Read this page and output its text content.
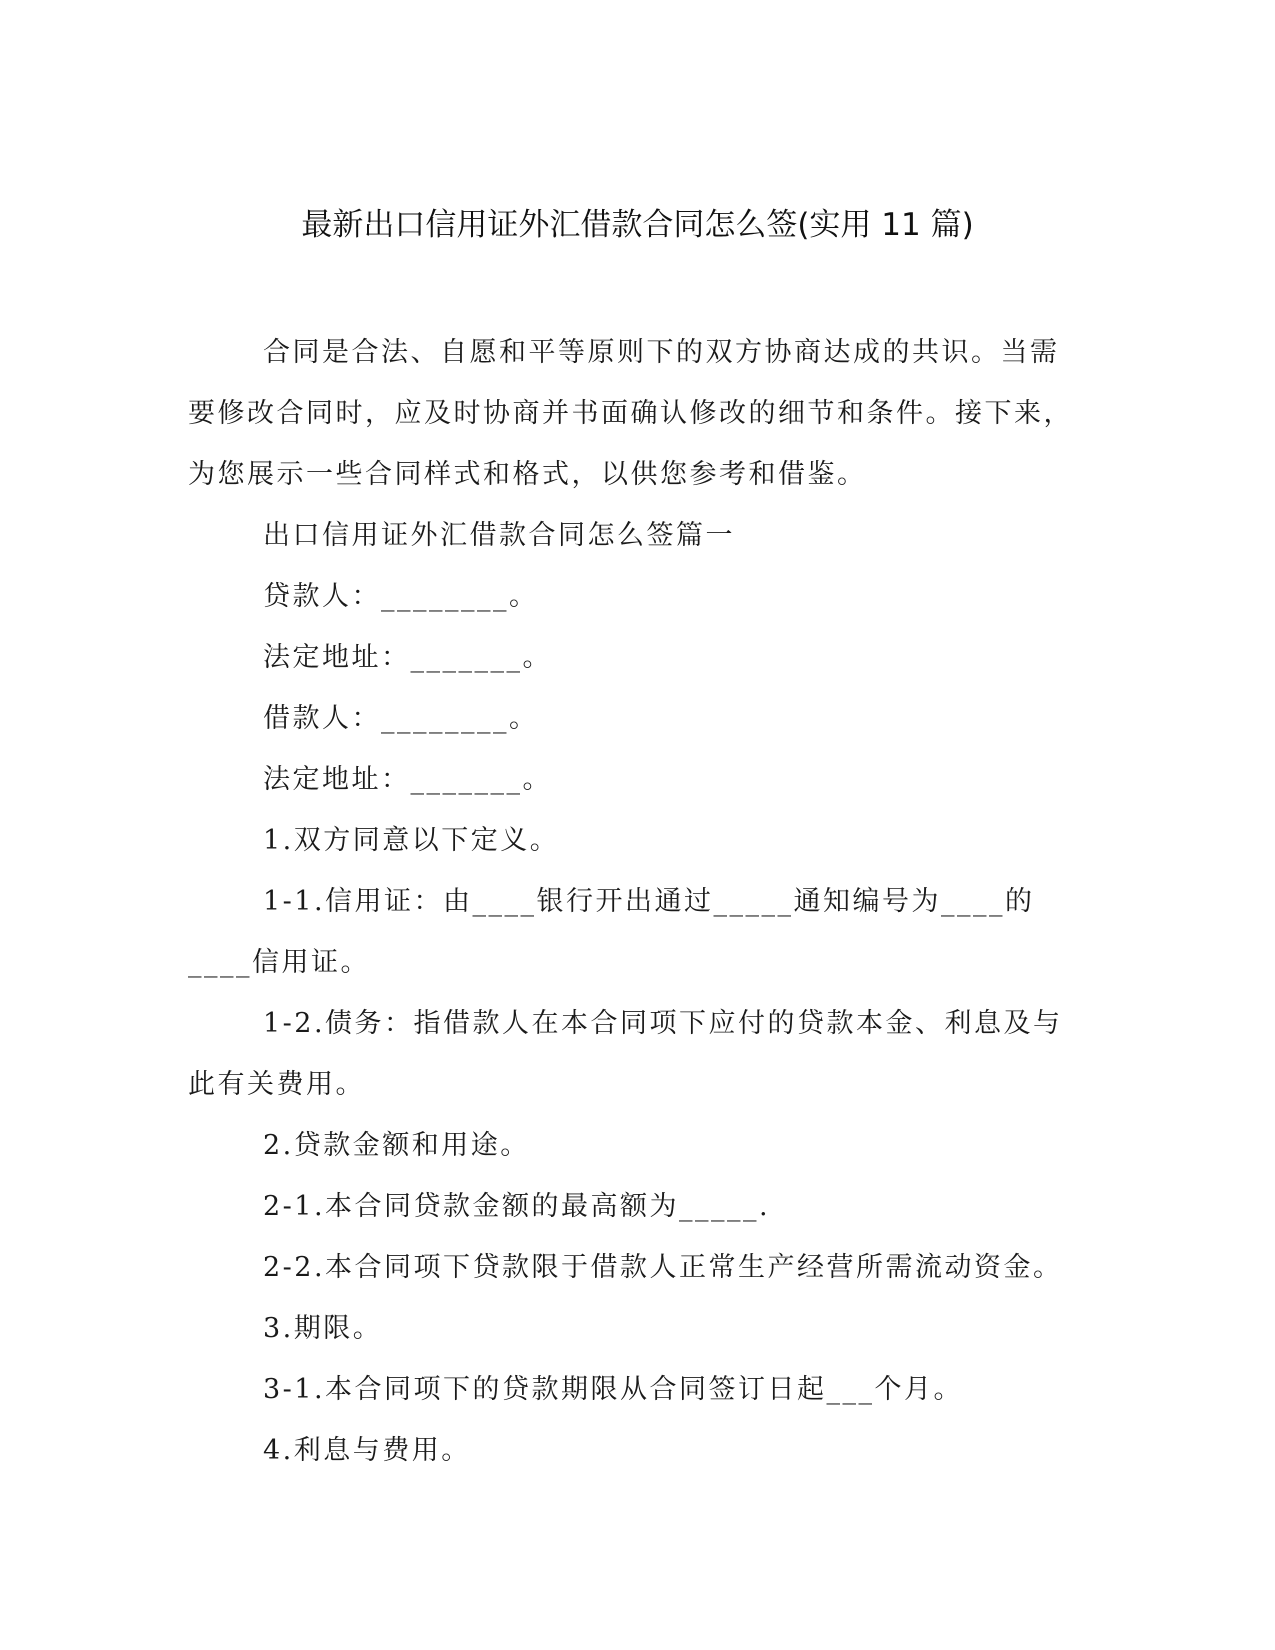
最新出口信用证外汇借款合同怎么签(实用 11 篇)

合同是合法、自愿和平等原则下的双方协商达成的共识。当需要修改合同时，应及时协商并书面确认修改的细节和条件。接下来，为您展示一些合同样式和格式，以供您参考和借鉴。

出口信用证外汇借款合同怎么签篇一

贷款人：________。

法定地址：_______。

借款人：________。

法定地址：_______。

1.双方同意以下定义。

1-1.信用证：由____银行开出通过_____通知编号为____的____信用证。

1-2.债务：指借款人在本合同项下应付的贷款本金、利息及与此有关费用。

2.贷款金额和用途。

2-1.本合同贷款金额的最高额为_____.

2-2.本合同项下贷款限于借款人正常生产经营所需流动资金。

3.期限。

3-1.本合同项下的贷款期限从合同签订日起___个月。

4.利息与费用。
